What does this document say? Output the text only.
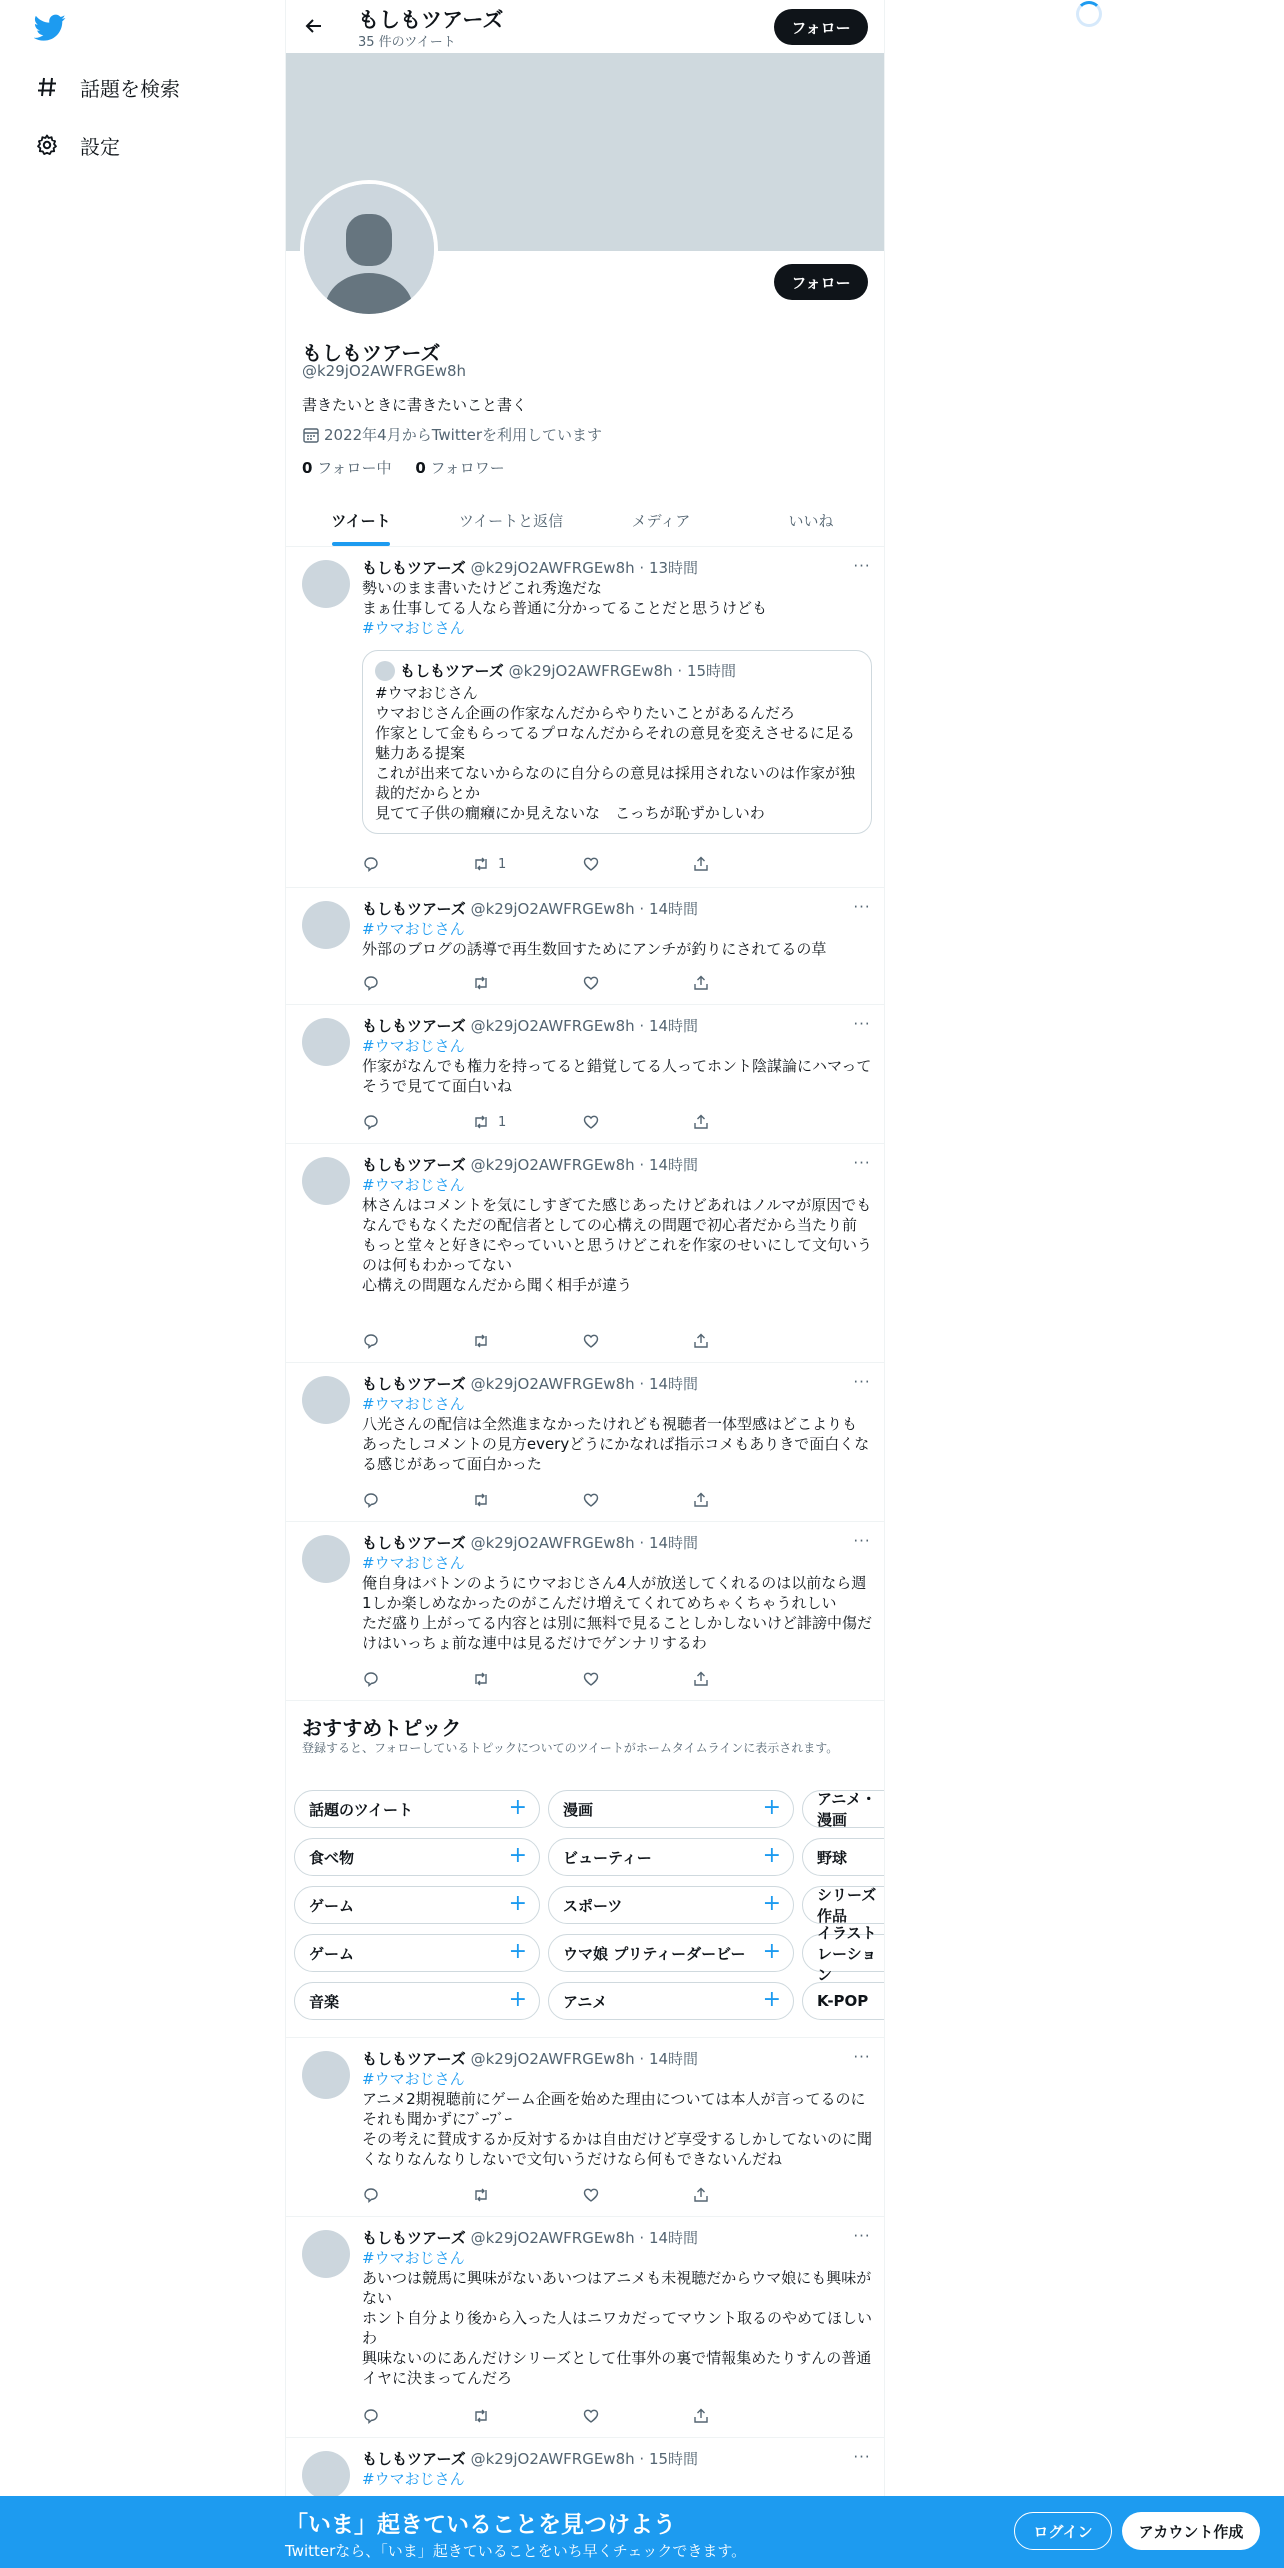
話題を検索
設定
もしもツアーズ
35 件のツイート
フォロー
フォロー
もしもツアーズ
@k29jO2AWFRGEw8h
書きたいときに書きたいこと書く
2022年4月からTwitterを利用しています
0 フォロー中 0 フォロワー
ツイート	ツイートと返信	メディア	いいね
···
もしもツアーズ @k29jO2AWFRGEw8h · 13時間
勢いのまま書いたけどこれ秀逸だな
まぁ仕事してる人なら普通に分かってることだと思うけども
#ウマおじさん
もしもツアーズ
@k29jO2AWFRGEw8h
· 15時間
#ウマおじさん
ウマおじさん企画の作家なんだからやりたいことがあるんだろ
作家として金もらってるプロなんだからそれの意見を変えさせるに足る魅力ある提案
これが出来てないからなのに自分らの意見は採用されないのは作家が独裁的だからとか
見てて子供の癇癪にか見えないな　こっちが恥ずかしいわ
1
···
もしもツアーズ @k29jO2AWFRGEw8h · 14時間
#ウマおじさん
外部のブログの誘導で再生数回すためにアンチが釣りにされてるの草
···
もしもツアーズ @k29jO2AWFRGEw8h · 14時間
#ウマおじさん
作家がなんでも権力を持ってると錯覚してる人ってホント陰謀論にハマってそうで見てて面白いね
1
···
もしもツアーズ @k29jO2AWFRGEw8h · 14時間
#ウマおじさん
林さんはコメントを気にしすぎてた感じあったけどあれはノルマが原因でもなんでもなくただの配信者としての心構えの問題で初心者だから当たり前
もっと堂々と好きにやっていいと思うけどこれを作家のせいにして文句いうのは何もわかってない
心構えの問題なんだから聞く相手が違う
···
もしもツアーズ @k29jO2AWFRGEw8h · 14時間
#ウマおじさん
八光さんの配信は全然進まなかったけれども視聴者一体型感はどこよりもあったしコメントの見方everyどうにかなれば指示コメもありきで面白くなる感じがあって面白かった
···
もしもツアーズ @k29jO2AWFRGEw8h · 14時間
#ウマおじさん
俺自身はバトンのようにウマおじさん4人が放送してくれるのは以前なら週1しか楽しめなかったのがこんだけ増えてくれてめちゃくちゃうれしい
ただ盛り上がってる内容とは別に無料で見ることしかしないけど誹謗中傷だけはいっちょ前な連中は見るだけでゲンナリするわ
おすすめトピック
登録すると、フォローしているトピックについてのツイートがホームタイムラインに表示されます。
話題のツイート	+ 漫画	+ アニメ・漫画
食べ物	+ ビューティー	+ 野球
ゲーム	+ スポーツ	+ シリーズ作品
ゲーム	+ ウマ娘 プリティーダービー +
イラストレーション
音楽	+ アニメ	+ K-POP
···
もしもツアーズ @k29jO2AWFRGEw8h · 14時間
#ウマおじさん
アニメ2期視聴前にゲーム企画を始めた理由については本人が言ってるのにそれも聞かずにﾌﾞｰﾌﾞｰ
その考えに賛成するか反対するかは自由だけど享受するしかしてないのに聞くなりなんなりしないで文句いうだけなら何もできないんだね
···
もしもツアーズ @k29jO2AWFRGEw8h · 14時間
#ウマおじさん
あいつは競馬に興味がないあいつはアニメも未視聴だからウマ娘にも興味がない
ホント自分より後から入った人はニワカだってマウント取るのやめてほしいわ
興味ないのにあんだけシリーズとして仕事外の裏で情報集めたりすんの普通イヤに決まってんだろ
···
もしもツアーズ @k29jO2AWFRGEw8h · 15時間
#ウマおじさん
「いま」起きていることを見つけよう
Twitterなら、「いま」起きていることをいち早くチェックできます。
ログイン	アカウント作成
